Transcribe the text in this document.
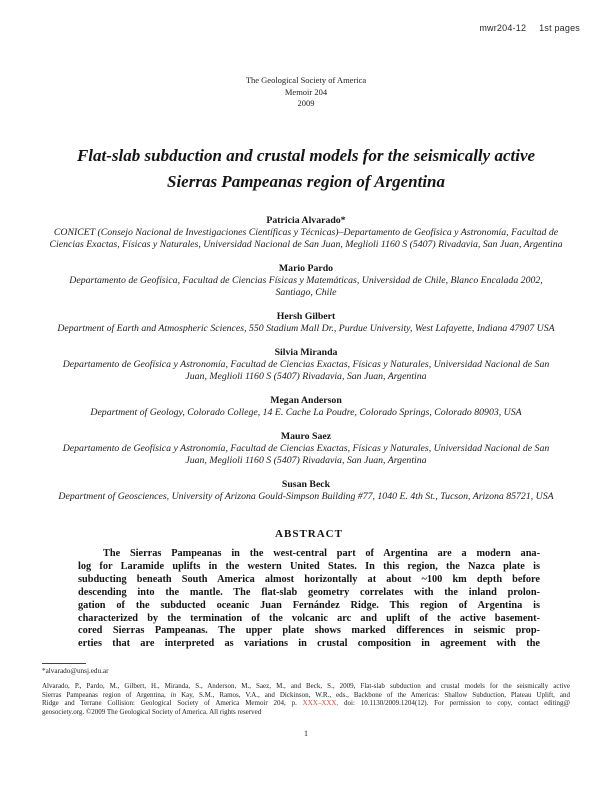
mwr204-12 1st pages
The Geological Society of America
Memoir 204
2009
Flat-slab subduction and crustal models for the seismically active
Sierras Pampeanas region of Argentina
Patricia Alvarado*
CONICET (Consejo Nacional de Investigaciones Científicas y Técnicas)–Departamento de Geofísica y Astronomía, Facultad de
Ciencias Exactas, Físicas y Naturales, Universidad Nacional de San Juan, Meglioli 1160 S (5407) Rivadavia, San Juan, Argentina
Mario Pardo
Departamento de Geofísica, Facultad de Ciencias Físicas y Matemáticas, Universidad de Chile, Blanco Encalada 2002,
Santiago, Chile
Hersh Gilbert
Department of Earth and Atmospheric Sciences, 550 Stadium Mall Dr., Purdue University, West Lafayette, Indiana 47907 USA
Silvia Miranda
Departamento de Geofísica y Astronomía, Facultad de Ciencias Exactas, Físicas y Naturales, Universidad Nacional de San
Juan, Meglioli 1160 S (5407) Rivadavia, San Juan, Argentina
Megan Anderson
Department of Geology, Colorado College, 14 E. Cache La Poudre, Colorado Springs, Colorado 80903, USA
Mauro Saez
Departamento de Geofísica y Astronomía, Facultad de Ciencias Exactas, Físicas y Naturales, Universidad Nacional de San
Juan, Meglioli 1160 S (5407) Rivadavia, San Juan, Argentina
Susan Beck
Department of Geosciences, University of Arizona Gould-Simpson Building #77, 1040 E. 4th St., Tucson, Arizona 85721, USA
ABSTRACT
The Sierras Pampeanas in the west-central part of Argentina are a modern ana-
log for Laramide uplifts in the western United States. In this region, the Nazca plate is
subducting beneath South America almost horizontally at about ~100 km depth before
descending into the mantle. The flat-slab geometry correlates with the inland prolon-
gation of the subducted oceanic Juan Fernández Ridge. This region of Argentina is
characterized by the termination of the volcanic arc and uplift of the active basement-
cored Sierras Pampeanas. The upper plate shows marked differences in seismic prop-
erties that are interpreted as variations in crustal composition in agreement with the
*alvarado@unsj.edu.ar
Alvarado, P., Pardo, M., Gilbert, H., Miranda, S., Anderson, M., Saez, M., and Beck, S., 2009, Flat-slab subduction and crustal models for the seismically active
Sierras Pampeanas region of Argentina, in Kay, S.M., Ramos, V.A., and Dickinson, W.R., eds., Backbone of the Americas: Shallow Subduction, Plateau Uplift, and
Ridge and Terrane Collision: Geological Society of America Memoir 204, p. XXX–XXX, doi: 10.1130/2009.1204(12). For permission to copy, contact editing@
geosociety.org. ©2009 The Geological Society of America. All rights reserved
1
